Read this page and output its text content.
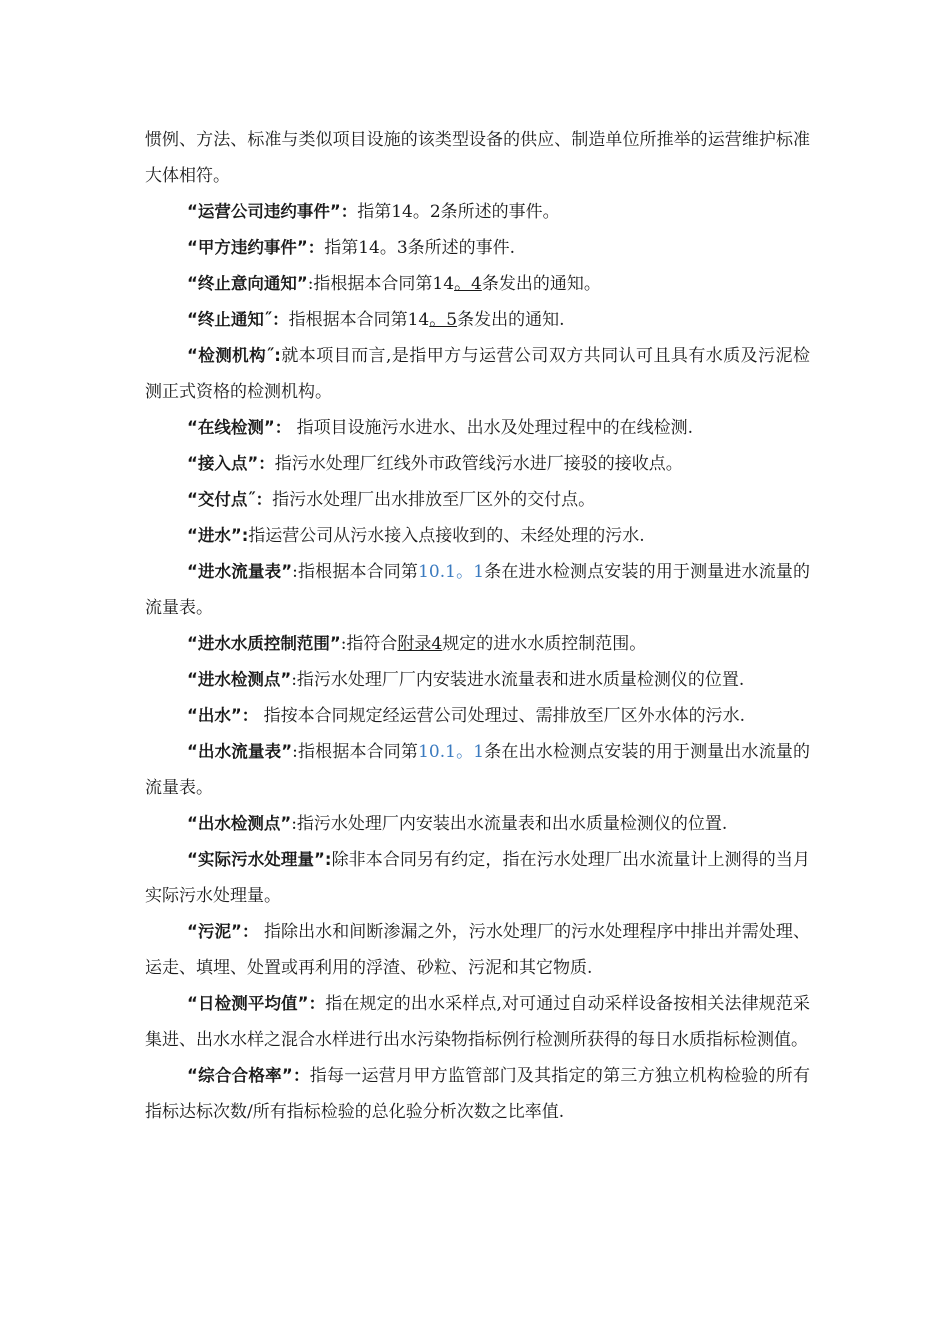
惯例、方法、标准与类似项目设施的该类型设备的供应、制造单位所推举的运营维护标准大体相符。

“运营公司违约事件”：指第14。2条所述的事件。

“甲方违约事件”：指第14。3条所述的事件.

“终止意向通知”:指根据本合同第14。4条发出的通知。

“终止通知˝：指根据本合同第14。5条发出的通知.

“检测机构˝:就本项目而言,是指甲方与运营公司双方共同认可且具有水质及污泥检测正式资格的检测机构。

“在线检测”： 指项目设施污水进水、出水及处理过程中的在线检测.

“接入点”：指污水处理厂红线外市政管线污水进厂接驳的接收点。

“交付点˝：指污水处理厂出水排放至厂区外的交付点。

“进水”:指运营公司从污水接入点接收到的、未经处理的污水.

“进水流量表”:指根据本合同第10.1。1条在进水检测点安装的用于测量进水流量的流量表。

“进水水质控制范围”:指符合附录4规定的进水水质控制范围。

“进水检测点”:指污水处理厂厂内安装进水流量表和进水质量检测仪的位置.

“出水”： 指按本合同规定经运营公司处理过、需排放至厂区外水体的污水.

“出水流量表”:指根据本合同第10.1。1条在出水检测点安装的用于测量出水流量的流量表。

“出水检测点”:指污水处理厂内安装出水流量表和出水质量检测仪的位置.

“实际污水处理量”:除非本合同另有约定，指在污水处理厂出水流量计上测得的当月实际污水处理量。

“污泥”： 指除出水和间断渗漏之外，污水处理厂的污水处理程序中排出并需处理、运走、填埋、处置或再利用的浮渣、砂粒、污泥和其它物质.

“日检测平均值”：指在规定的出水采样点,对可通过自动采样设备按相关法律规范采集进、出水水样之混合水样进行出水污染物指标例行检测所获得的每日水质指标检测值。

“综合合格率”：指每一运营月甲方监管部门及其指定的第三方独立机构检验的所有指标达标次数/所有指标检验的总化验分析次数之比率值.
